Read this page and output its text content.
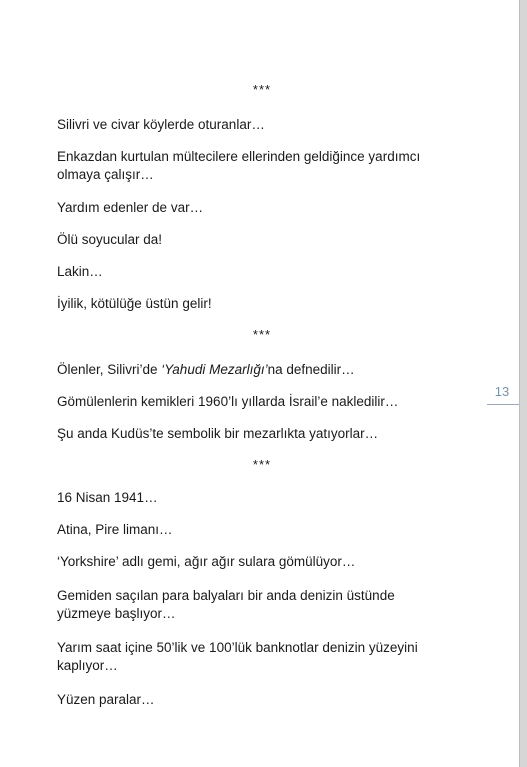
***

Silivri ve civar köylerde oturanlar…

Enkazdan kurtulan mültecilere ellerinden geldiğince yardımcı

olmaya çalışır…

Yardım edenler de var…

Ölü soyucular da!

Lakin…

İyilik, kötülüğe üstün gelir!

***

Ölenler, Silivri’de ‘Yahudi Mezarlığı’na defnedilir…

Gömülenlerin kemikleri 1960’lı yıllarda İsrail’e nakledilir…

Şu anda Kudüs’te sembolik bir mezarlıkta yatıyorlar…

***

16 Nisan 1941…

Atina, Pire limanı…

‘Yorkshire’ adlı gemi, ağır ağır sulara gömülüyor…

Gemiden saçılan para balyaları bir anda denizin üstünde

yüzmeye başlıyor…

Yarım saat içine 50’lik ve 100’lük banknotlar denizin yüzeyini

kaplıyor…

Yüzen paralar…

13
